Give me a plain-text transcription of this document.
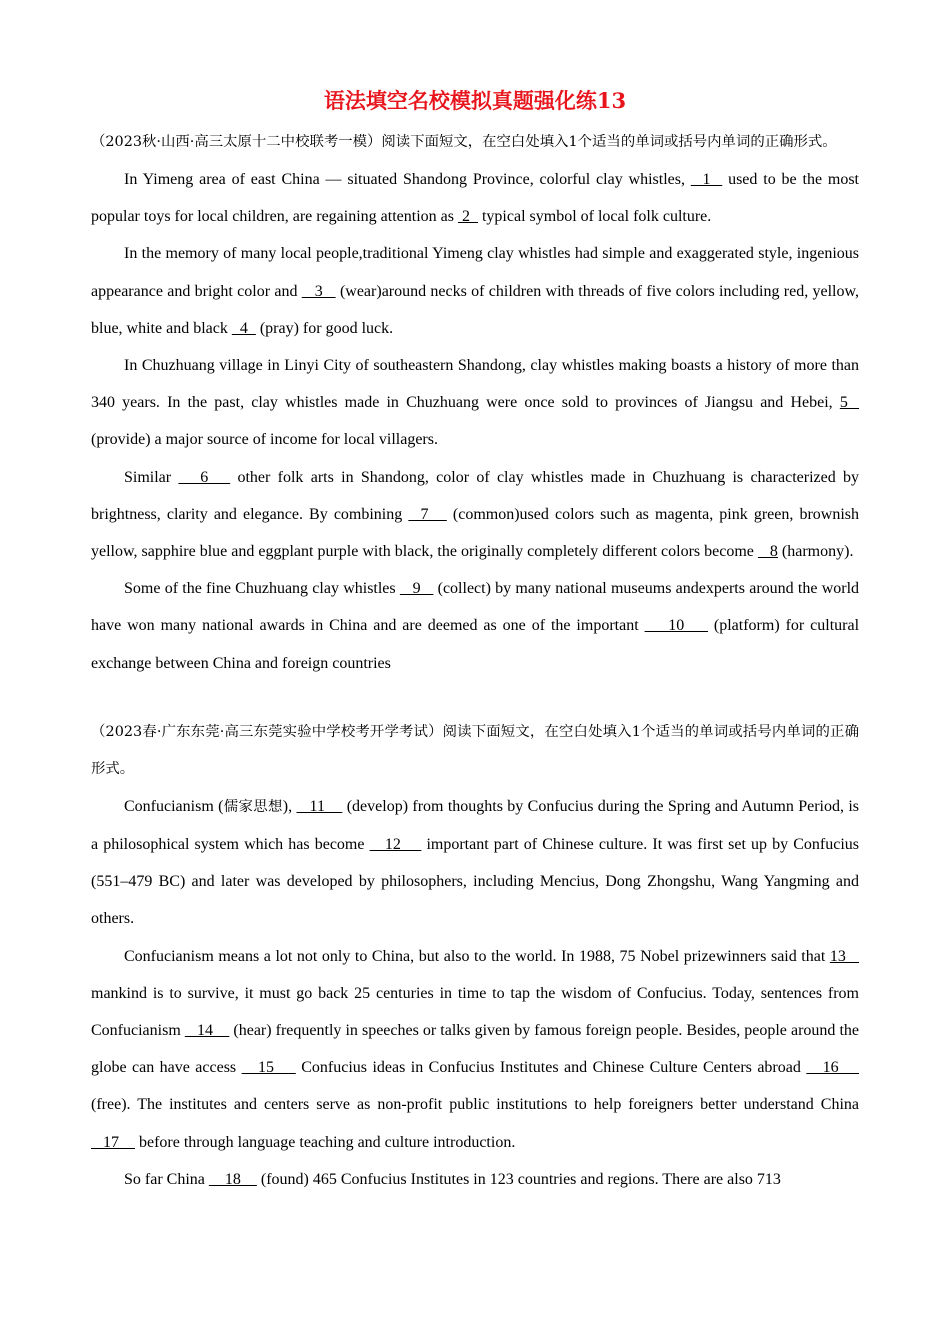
语法填空名校模拟真题强化练13

（2023秋·山西·高三太原十二中校联考一模）阅读下面短文，在空白处填入1个适当的单词或括号内单词的正确形式。

In Yimeng area of east China — situated Shandong Province, colorful clay whistles,   1   used to be the most popular toys for local children, are regaining attention as  2   typical symbol of local folk culture.

In the memory of many local people,traditional Yimeng clay whistles had simple and exaggerated style, ingenious appearance and bright color and    3    (wear)around necks of children with threads of five colors including red, yellow, blue, white and black   4   (pray) for good luck.

In Chuzhuang village in Linyi City of southeastern Shandong, clay whistles making boasts a history of more than 340 years. In the past, clay whistles made in Chuzhuang were once sold to provinces of Jiangsu and Hebei, 5   (provide) a major source of income for local villagers.

Similar    6    other folk arts in Shandong, color of clay whistles made in Chuzhuang is characterized by brightness, clarity and elegance. By combining   7    (common)used colors such as magenta, pink green, brownish yellow, sapphire blue and eggplant purple with black, the originally completely different colors become    8 (harmony).

Some of the fine Chuzhuang clay whistles    9    (collect) by many national museums andexperts around the world have won many national awards in China and are deemed as one of the important     10     (platform) for cultural exchange between China and foreign countries

（2023春·广东东莞·高三东莞实验中学校考开学考试）阅读下面短文，在空白处填入1个适当的单词或括号内单词的正确形式。

Confucianism (儒家思想),    11     (develop) from thoughts by Confucius during the Spring and Autumn Period, is a philosophical system which has become    12     important part of Chinese culture. It was first set up by Confucius (551–479 BC) and later was developed by philosophers, including Mencius, Dong Zhongshu, Wang Yangming and others.

Confucianism means a lot not only to China, but also to the world. In 1988, 75 Nobel prizewinners said that 13    mankind is to survive, it must go back 25 centuries in time to tap the wisdom of Confucius. Today, sentences from Confucianism    14     (hear) frequently in speeches or talks given by famous foreign people. Besides, people around the globe can have access    15     Confucius ideas in Confucius Institutes and Chinese Culture Centers abroad    16     (free). The institutes and centers serve as non-profit public institutions to help foreigners better understand China    17     before through language teaching and culture introduction.

So far China     18     (found) 465 Confucius Institutes in 123 countries and regions. There are also 713
